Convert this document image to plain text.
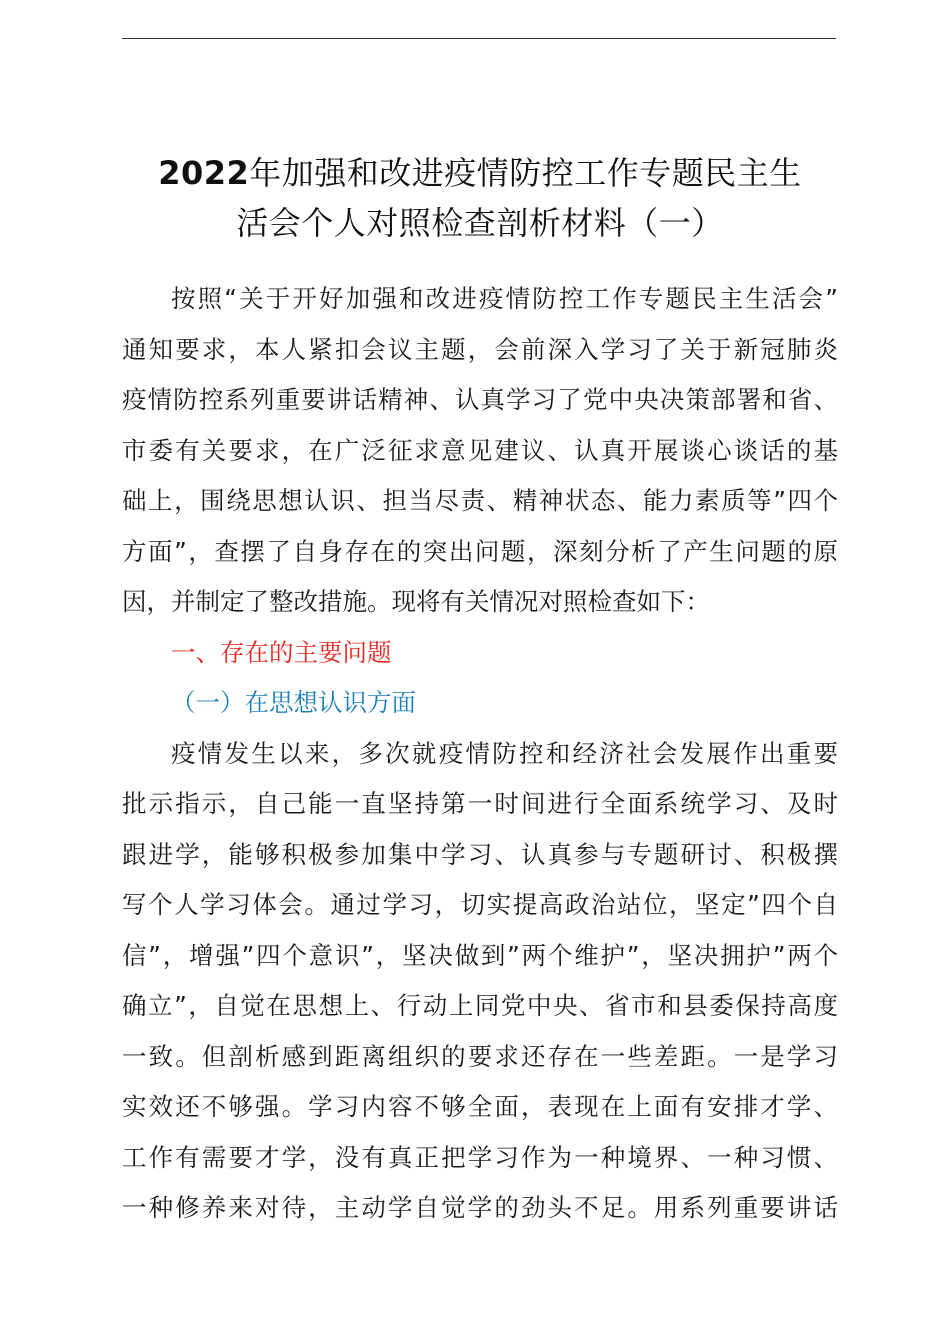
2022年加强和改进疫情防控工作专题民主生
活会个人对照检查剖析材料（一）

按照“关于开好加强和改进疫情防控工作专题民主生活会”
通知要求，本人紧扣会议主题，会前深入学习了关于新冠肺炎
疫情防控系列重要讲话精神、认真学习了党中央决策部署和省、
市委有关要求，在广泛征求意见建议、认真开展谈心谈话的基
础上，围绕思想认识、担当尽责、精神状态、能力素质等”四个
方面”，查摆了自身存在的突出问题，深刻分析了产生问题的原
因，并制定了整改措施。现将有关情况对照检查如下：

一、存在的主要问题

（一）在思想认识方面

疫情发生以来，多次就疫情防控和经济社会发展作出重要
批示指示，自己能一直坚持第一时间进行全面系统学习、及时
跟进学，能够积极参加集中学习、认真参与专题研讨、积极撰
写个人学习体会。通过学习，切实提高政治站位，坚定”四个自
信”，增强”四个意识”，坚决做到”两个维护”，坚决拥护”两个
确立”，自觉在思想上、行动上同党中央、省市和县委保持高度
一致。但剖析感到距离组织的要求还存在一些差距。一是学习
实效还不够强。学习内容不够全面，表现在上面有安排才学、
工作有需要才学，没有真正把学习作为一种境界、一种习惯、
一种修养来对待，主动学自觉学的劲头不足。用系列重要讲话
